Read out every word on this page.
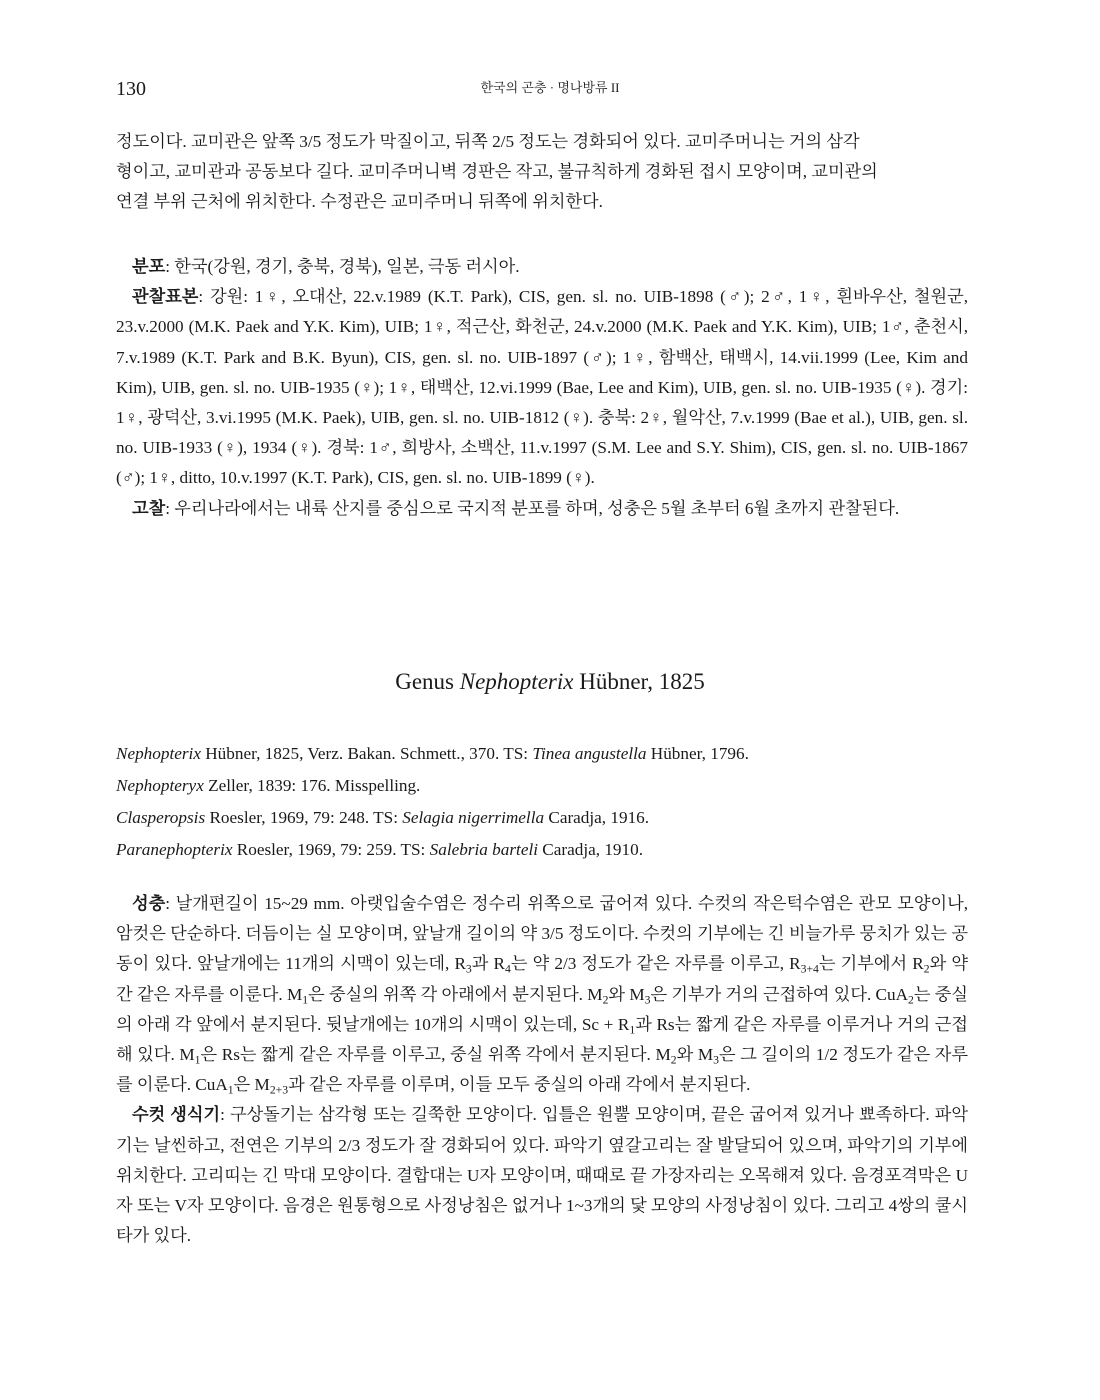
130	한국의 곤충 · 명나방류 II

정도이다. 교미관은 앞쪽 3/5 정도가 막질이고, 뒤쪽 2/5 정도는 경화되어 있다. 교미주머니는 거의 삼각

형이고, 교미관과 공동보다 길다. 교미주머니벽 경판은 작고, 불규칙하게 경화된 접시 모양이며, 교미관의

연결 부위 근처에 위치한다. 수정관은 교미주머니 뒤쪽에 위치한다.

분포: 한국(강원, 경기, 충북, 경북), 일본, 극동 러시아.

관찰표본: 강원: 1♀, 오대산, 22.v.1989 (K.T. Park), CIS, gen. sl. no. UIB-1898 (♂); 2♂, 1♀, 흰바우산, 철원군, 23.v.2000 (M.K. Paek and Y.K. Kim), UIB; 1♀, 적근산, 화천군, 24.v.2000 (M.K. Paek and Y.K. Kim), UIB; 1♂, 춘천시, 7.v.1989 (K.T. Park and B.K. Byun), CIS, gen. sl. no. UIB-1897 (♂); 1♀, 함백산, 태백시, 14.vii.1999 (Lee, Kim and Kim), UIB, gen. sl. no. UIB-1935 (♀); 1♀, 태백산, 12.vi.1999 (Bae, Lee and Kim), UIB, gen. sl. no. UIB-1935 (♀). 경기: 1♀, 광덕산, 3.vi.1995 (M.K. Paek), UIB, gen. sl. no. UIB-1812 (♀). 충북: 2♀, 월악산, 7.v.1999 (Bae et al.), UIB, gen. sl. no. UIB-1933 (♀), 1934 (♀). 경북: 1♂, 희방사, 소백산, 11.v.1997 (S.M. Lee and S.Y. Shim), CIS, gen. sl. no. UIB-1867 (♂); 1♀, ditto, 10.v.1997 (K.T. Park), CIS, gen. sl. no. UIB-1899 (♀).

고찰: 우리나라에서는 내륙 산지를 중심으로 국지적 분포를 하며, 성충은 5월 초부터 6월 초까지 관찰된다.

Genus Nephopterix Hübner, 1825

Nephopterix Hübner, 1825, Verz. Bakan. Schmett., 370. TS: Tinea angustella Hübner, 1796.

Nephopteryx Zeller, 1839: 176. Misspelling.

Clasperopsis Roesler, 1969, 79: 248. TS: Selagia nigerrimella Caradja, 1916.

Paranephopterix Roesler, 1969, 79: 259. TS: Salebria barteli Caradja, 1910.

성충: 날개편길이 15~29 mm. 아랫입술수염은 정수리 위쪽으로 굽어져 있다. 수컷의 작은턱수염은 관모 모양이나, 암컷은 단순하다. 더듬이는 실 모양이며, 앞날개 길이의 약 3/5 정도이다. 수컷의 기부에는 긴 비늘가루 뭉치가 있는 공동이 있다. 앞날개에는 11개의 시맥이 있는데, $R_3$과 $R_4$는 약 2/3 정도가 같은 자루를 이루고, $R_{3+4}$는 기부에서 $R_2$와 약간 같은 자루를 이룬다. $M_1$은 중실의 위쪽 각 아래에서 분지된다. $M_2$와 $M_3$은 기부가 거의 근접하여 있다. CuA$_2$는 중실의 아래 각 앞에서 분지된다. 뒷날개에는 10개의 시맥이 있는데, $Sc + R_1$과 Rs는 짧게 같은 자루를 이루거나 거의 근접해 있다. $M_1$은 Rs는 짧게 같은 자루를 이루고, 중실 위쪽 각에서 분지된다. $M_2$와 $M_3$은 그 길이의 1/2 정도가 같은 자루를 이룬다. CuA$_1$은 $M_{2+3}$과 같은 자루를 이루며, 이들 모두 중실의 아래 각에서 분지된다.

수컷 생식기: 구상돌기는 삼각형 또는 길쭉한 모양이다. 입틀은 원뿔 모양이며, 끝은 굽어져 있거나 뾰족하다. 파악기는 날씬하고, 전연은 기부의 2/3 정도가 잘 경화되어 있다. 파악기 옆갈고리는 잘 발달되어 있으며, 파악기의 기부에 위치한다. 고리띠는 긴 막대 모양이다. 결합대는 U자 모양이며, 때때로 끝 가장자리는 오목해져 있다. 음경포격막은 U자 또는 V자 모양이다. 음경은 원통형으로 사정낭침은 없거나 1~3개의 닻 모양의 사정낭침이 있다. 그리고 4쌍의 쿨시타가 있다.
